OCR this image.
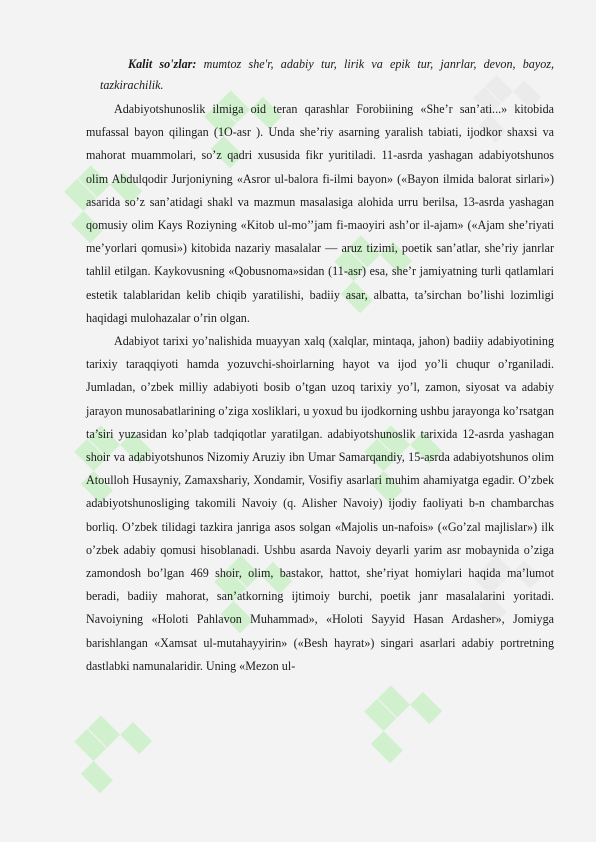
▞▚
▞▚
▞▚
▞▚	▞▚
▞▚
▞▚	▞▚
▞▚
▞▚

Kalit so'zlar: mumtoz she'r, adabiy tur, lirik va epik tur, janrlar, devon, bayoz, tazkirachilik.

Adabiyotshunoslik ilmiga oid teran qarashlar Forobiining «She’r san’ati...» kitobida mufassal bayon qilingan (1O-asr ). Unda she’riy asarning yaralish tabiati, ijodkor shaxsi va mahorat muammolari, so’z qadri xususida fikr yuritiladi. 11-asrda yashagan adabiyotshunos olim Abdulqodir Jurjoniyning «Asror ul-balora fi-ilmi bayon» («Bayon ilmida balorat sirlari») asarida so’z san’atidagi shakl va mazmun masalasiga alohida urru berilsa, 13-asrda yashagan qomusiy olim Kays Roziyning «Kitob ul-mo’’jam fi-maoyiri ash’or il-ajam» («Ajam she’riyati me’yorlari qomusi») kitobida nazariy masalalar — aruz tizimi, poetik san’atlar, she’riy janrlar tahlil etilgan. Kaykovusning «Qobusnoma»sidan (11-asr) esa, she’r jamiyatning turli qatlamlari estetik talablaridan kelib chiqib yaratilishi, badiiy asar, albatta, ta’sirchan bo’lishi lozimligi haqidagi mulohazalar o’rin olgan.

Adabiyot tarixi yo’nalishida muayyan xalq (xalqlar, mintaqa, jahon) badiiy adabiyotining tarixiy taraqqiyoti hamda yozuvchi-shoirlarning hayot va ijod yo’li chuqur o’rganiladi. Jumladan, o’zbek milliy adabiyoti bosib o’tgan uzoq tarixiy yo’l, zamon, siyosat va adabiy jarayon munosabatlarining o’ziga xosliklari, u yoxud bu ijodkorning ushbu jarayonga ko’rsatgan ta’siri yuzasidan ko’plab tadqiqotlar yaratilgan. adabiyotshunoslik tarixida 12-asrda yashagan shoir va adabiyotshunos Nizomiy Aruziy ibn Umar Samarqandiy, 15-asrda adabiyotshunos olim Atoulloh Husayniy, Zamaxshariy, Xondamir, Vosifiy asarlari muhim ahamiyatga egadir. O’zbek adabiyotshunosliging takomili Navoiy (q. Alisher Navoiy) ijodiy faoliyati b-n chambarchas borliq. O’zbek tilidagi tazkira janriga asos solgan «Majolis un-nafois» («Go’zal majlislar») ilk o’zbek adabiy qomusi hisoblanadi. Ushbu asarda Navoiy deyarli yarim asr mobaynida o’ziga zamondosh bo’lgan 469 shoir, olim, bastakor, hattot, she’riyat homiylari haqida ma’lumot beradi, badiiy mahorat, san’atkorning ijtimoiy burchi, poetik janr masalalarini yoritadi. Navoiyning «Holoti Pahlavon Muhammad», «Holoti Sayyid Hasan Ardasher», Jomiyga barishlangan «Xamsat ul-mutahayyirin» («Besh hayrat») singari asarlari adabiy portretning dastlabki namunalaridir. Uning «Mezon ul-
